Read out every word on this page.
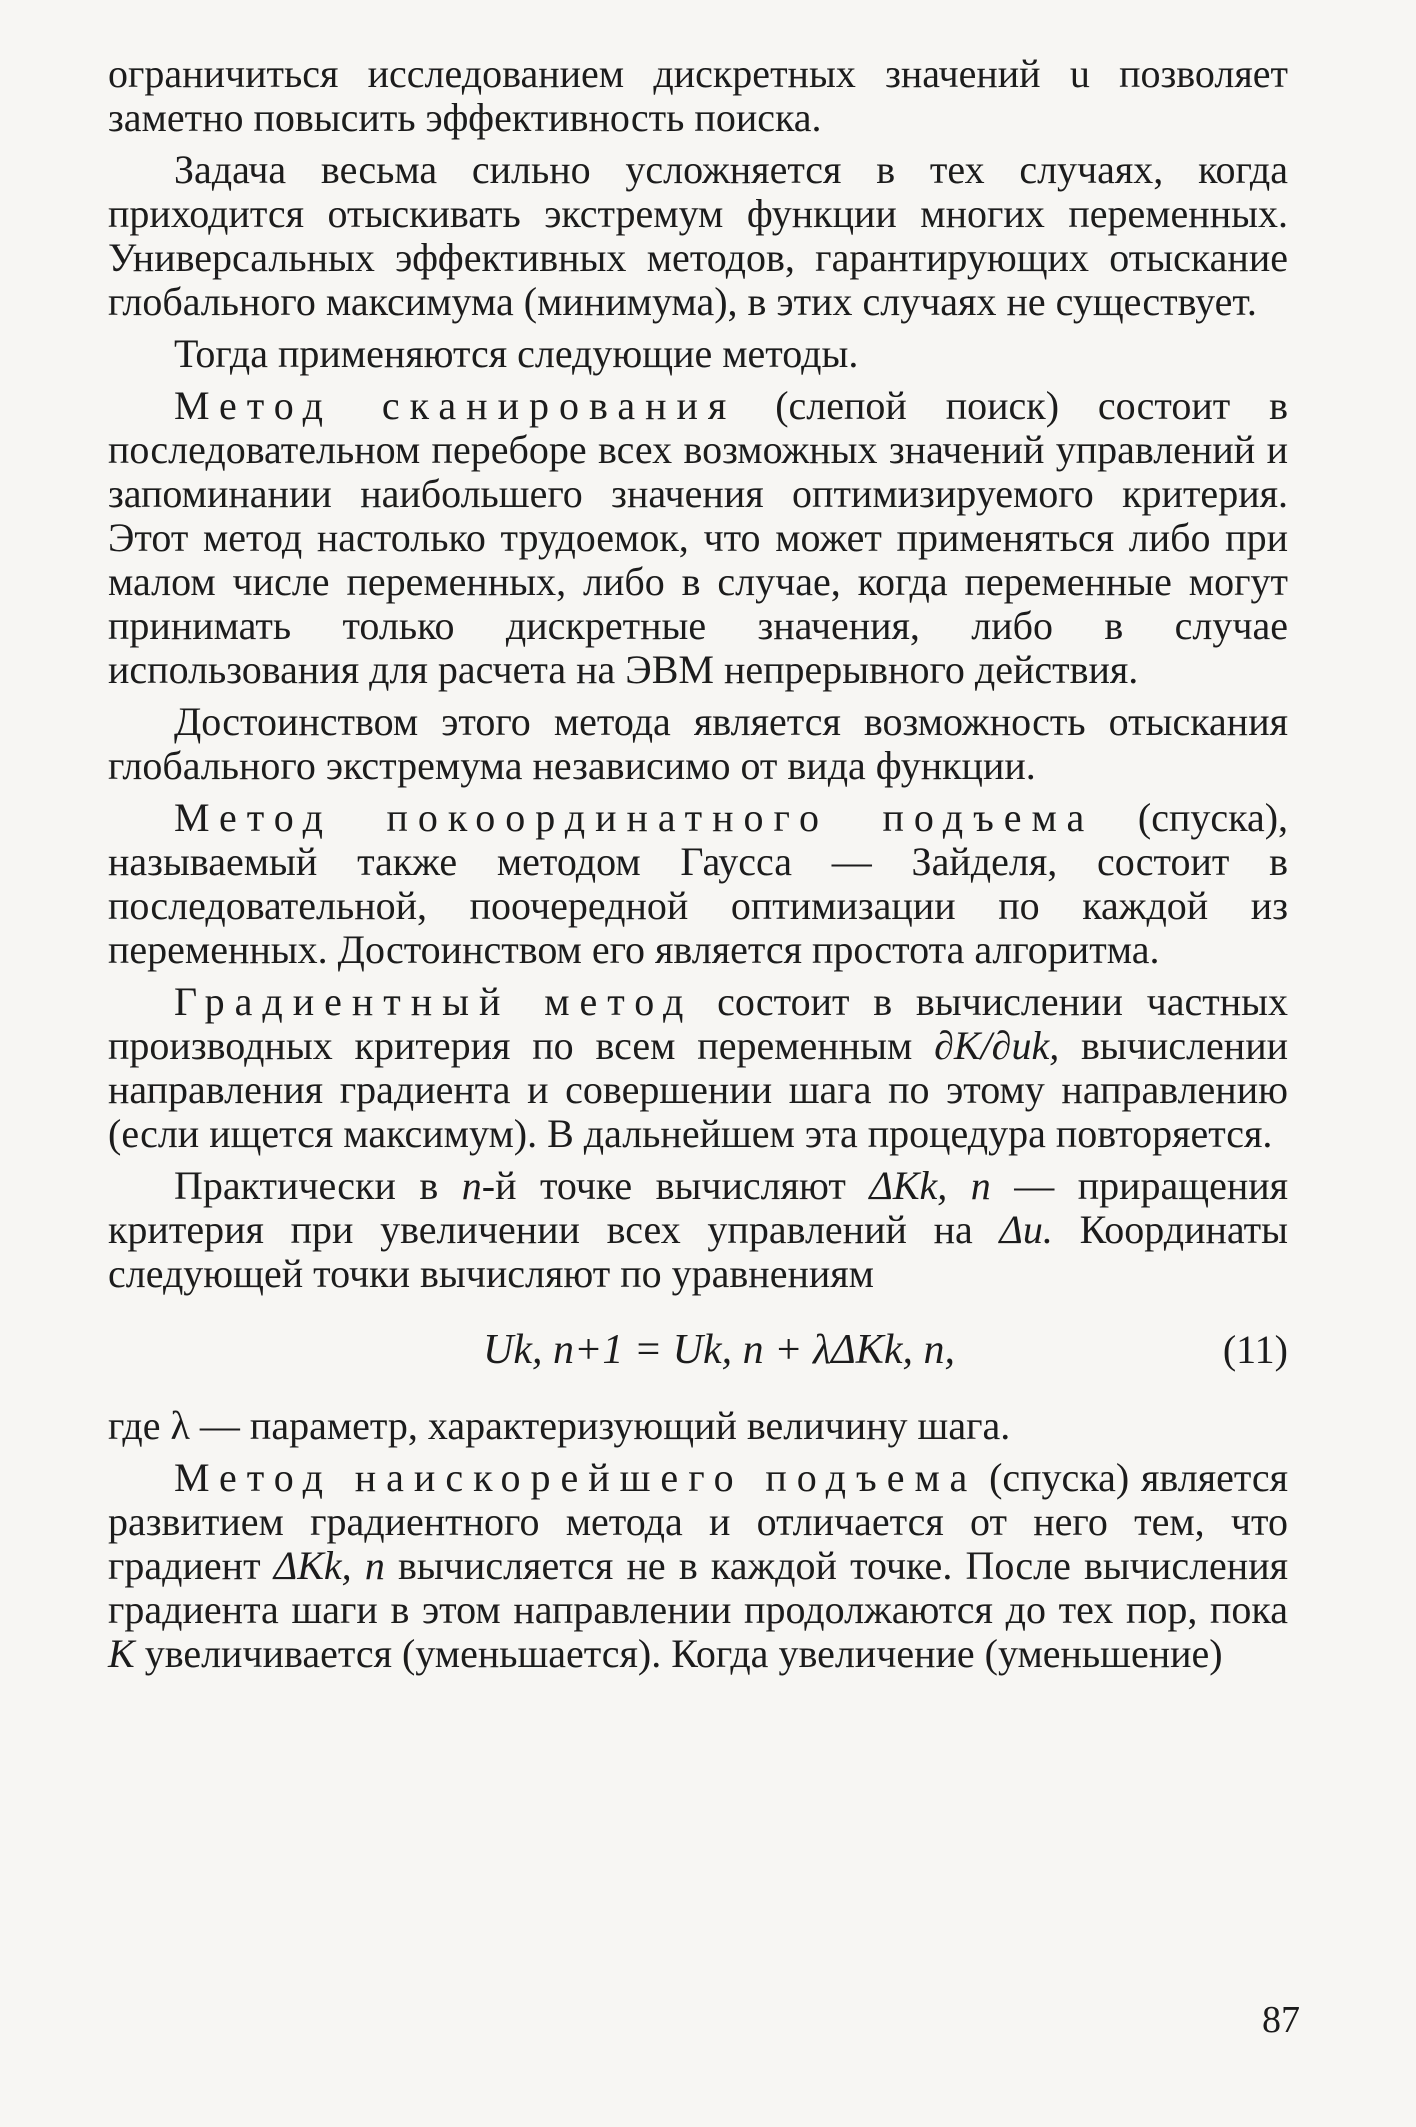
ограничиться исследованием дискретных значений u позволяет заметно повысить эффективность поиска.

Задача весьма сильно усложняется в тех случаях, когда приходится отыскивать экстремум функции многих переменных. Универсальных эффективных методов, гарантирующих отыскание глобального максимума (минимума), в этих случаях не существует.

Тогда применяются следующие методы.

Метод сканирования (слепой поиск) состоит в последовательном переборе всех возможных значений управлений и запоминании наибольшего значения оптимизируемого критерия. Этот метод настолько трудоемок, что может применяться либо при малом числе переменных, либо в случае, когда переменные могут принимать только дискретные значения, либо в случае использования для расчета на ЭВМ непрерывного действия.

Достоинством этого метода является возможность отыскания глобального экстремума независимо от вида функции.

Метод покоординатного подъема (спуска), называемый также методом Гаусса — Зайделя, состоит в последовательной, поочередной оптимизации по каждой из переменных. Достоинством его является простота алгоритма.

Градиентный метод состоит в вычислении частных производных критерия по всем переменным ∂K/∂uk, вычислении направления градиента и совершении шага по этому направлению (если ищется максимум). В дальнейшем эта процедура повторяется.

Практически в n-й точке вычисляют ΔKk, n — приращения критерия при увеличении всех управлений на Δu. Координаты следующей точки вычисляют по уравнениям

Uk, n+1 = Uk, n + λΔKk, n,	(11)

где λ — параметр, характеризующий величину шага.

Метод наискорейшего подъема (спуска) является развитием градиентного метода и отличается от него тем, что градиент ΔKk, n вычисляется не в каждой точке. После вычисления градиента шаги в этом направлении продолжаются до тех пор, пока K увеличивается (уменьшается). Когда увеличение (уменьшение)

87
